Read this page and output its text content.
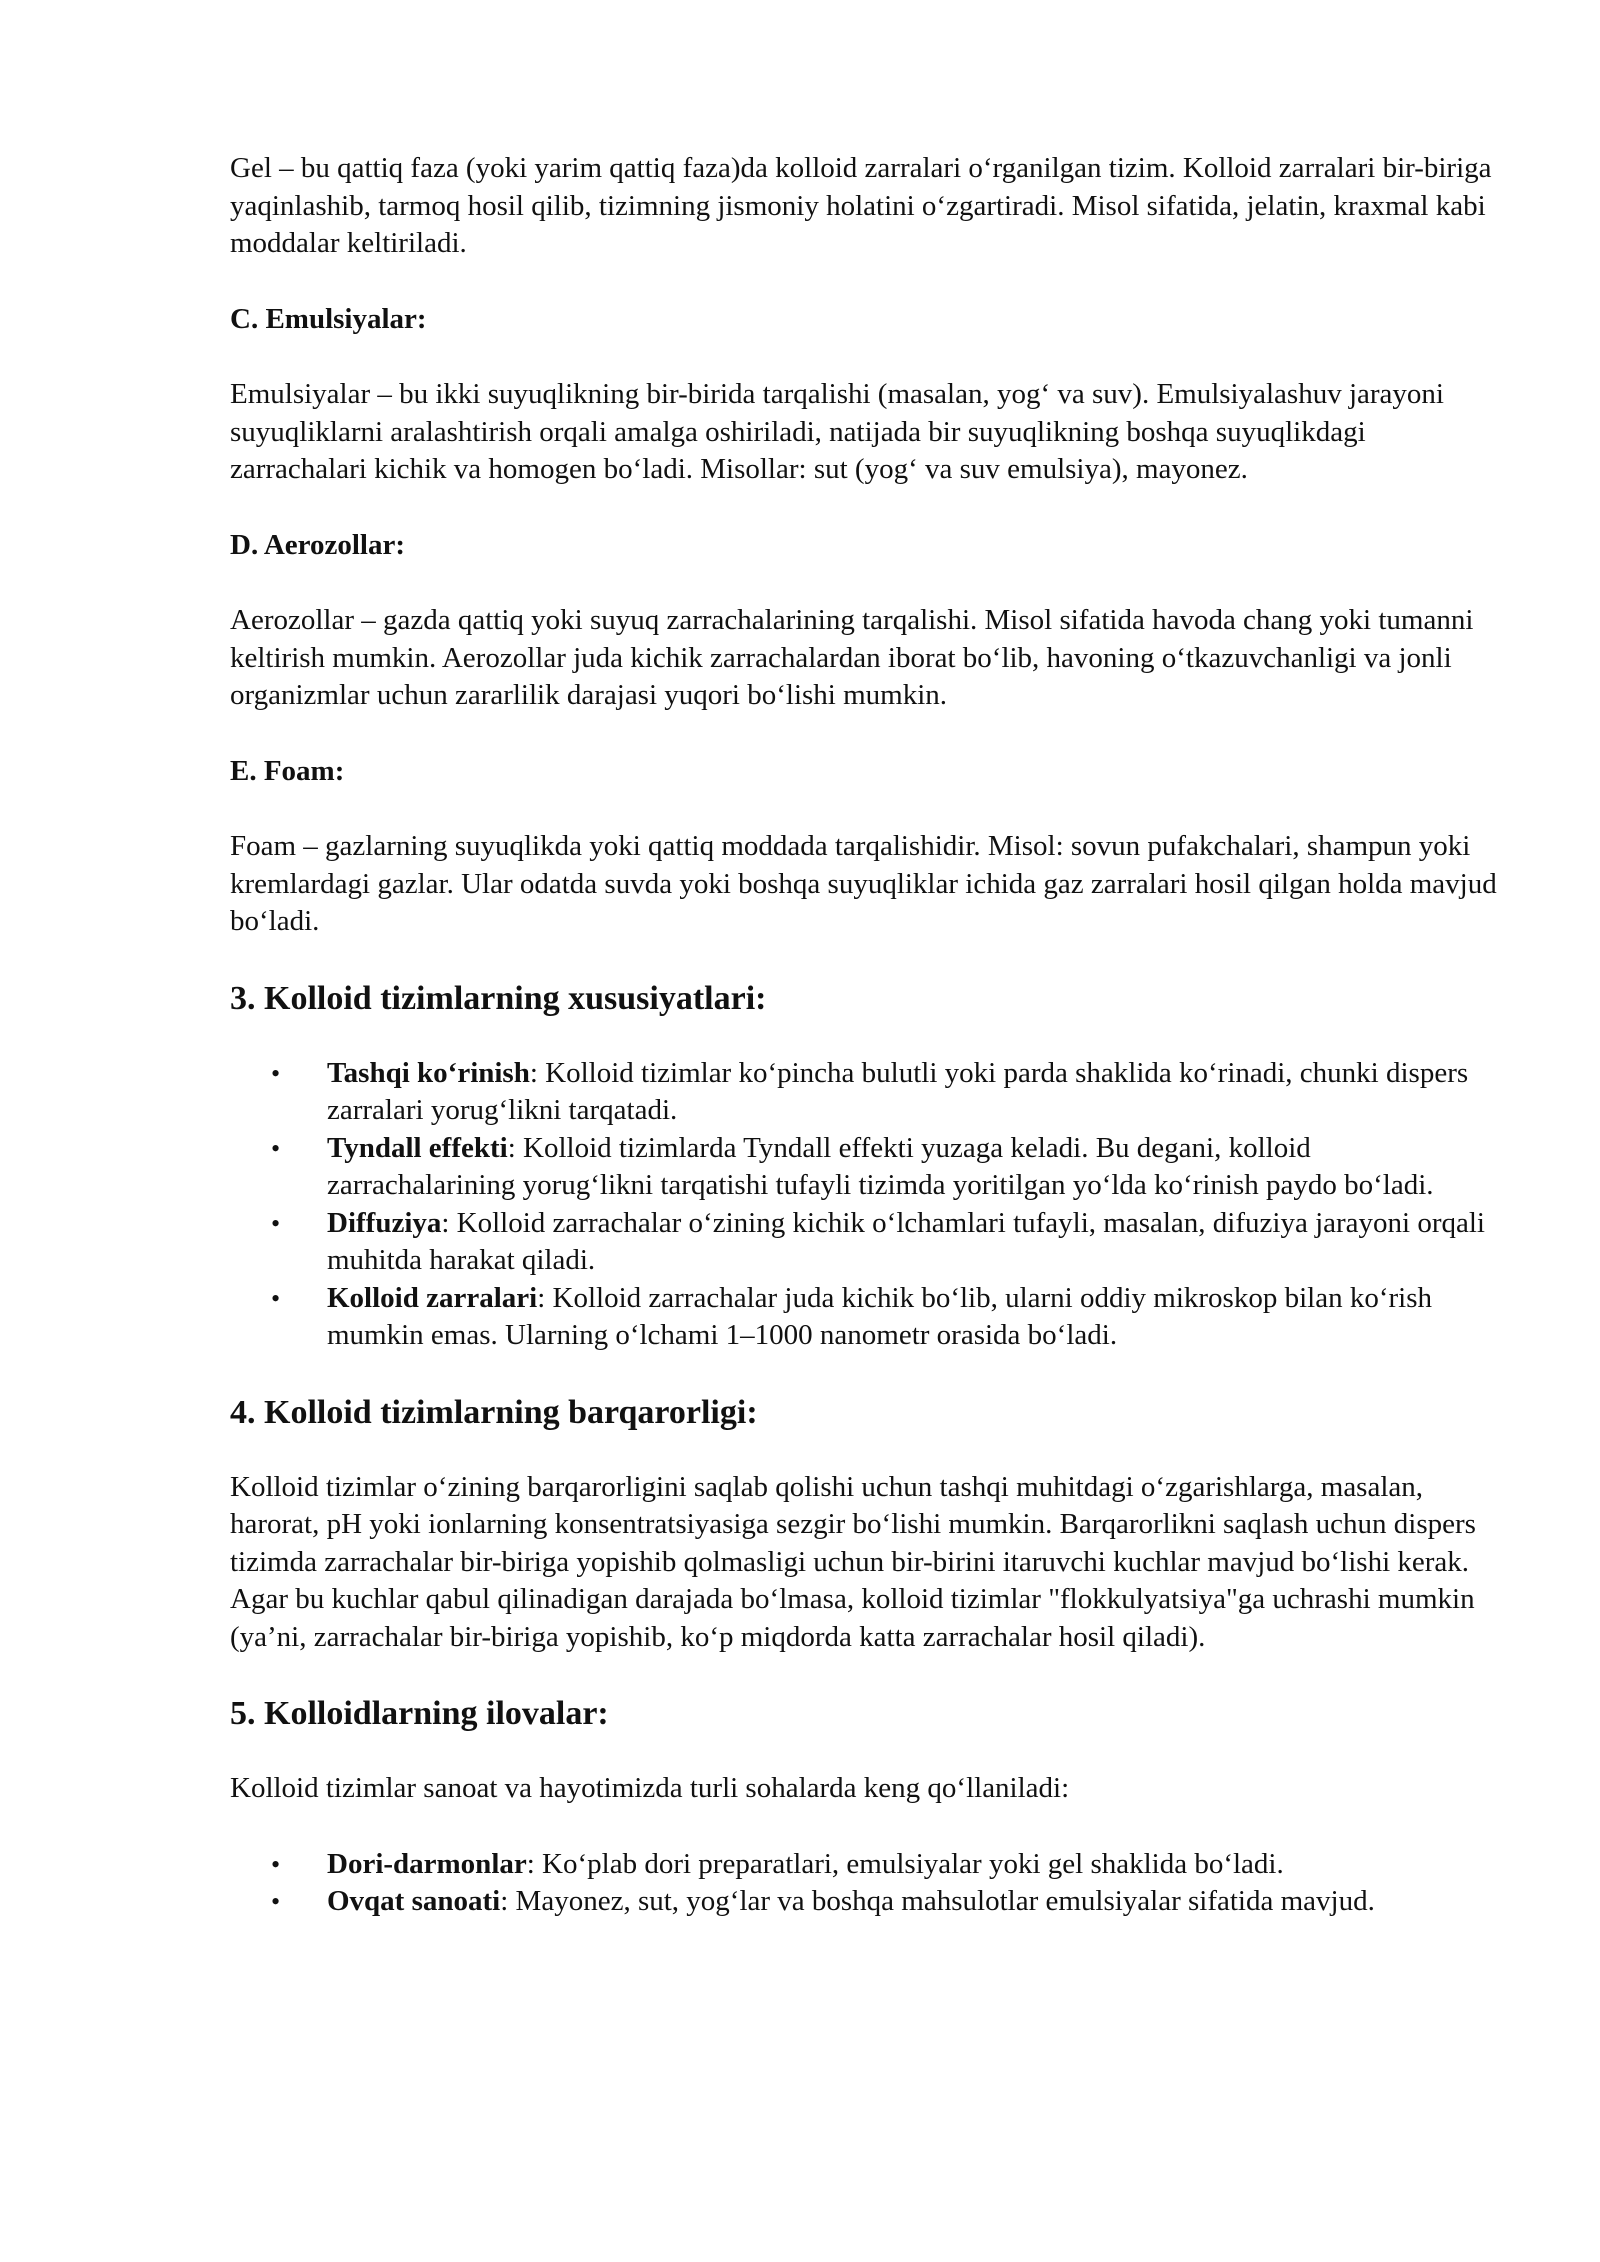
Gel – bu qattiq faza (yoki yarim qattiq faza)da kolloid zarralari o‘rganilgan tizim. Kolloid zarralari bir-biriga yaqinlashib, tarmoq hosil qilib, tizimning jismoniy holatini o‘zgartiradi. Misol sifatida, jelatin, kraxmal kabi moddalar keltiriladi.

C. Emulsiyalar:

Emulsiyalar – bu ikki suyuqlikning bir-birida tarqalishi (masalan, yog‘ va suv). Emulsiyalashuv jarayoni suyuqliklarni aralashtirish orqali amalga oshiriladi, natijada bir suyuqlikning boshqa suyuqlikdagi zarrachalari kichik va homogen bo‘ladi. Misollar: sut (yog‘ va suv emulsiya), mayonez.

D. Aerozollar:

Aerozollar – gazda qattiq yoki suyuq zarrachalarining tarqalishi. Misol sifatida havoda chang yoki tumanni keltirish mumkin. Aerozollar juda kichik zarrachalardan iborat bo‘lib, havoning o‘tkazuvchanligi va jonli organizmlar uchun zararlilik darajasi yuqori bo‘lishi mumkin.

E. Foam:

Foam – gazlarning suyuqlikda yoki qattiq moddada tarqalishidir. Misol: sovun pufakchalari, shampun yoki kremlardagi gazlar. Ular odatda suvda yoki boshqa suyuqliklar ichida gaz zarralari hosil qilgan holda mavjud bo‘ladi.

3. Kolloid tizimlarning xususiyatlari:
• Tashqi ko‘rinish: Kolloid tizimlar ko‘pincha bulutli yoki parda shaklida ko‘rinadi, chunki dispers zarralari yorug‘likni tarqatadi.
• Tyndall effekti: Kolloid tizimlarda Tyndall effekti yuzaga keladi. Bu degani, kolloid zarrachalarining yorug‘likni tarqatishi tufayli tizimda yoritilgan yo‘lda ko‘rinish paydo bo‘ladi.
• Diffuziya: Kolloid zarrachalar o‘zining kichik o‘lchamlari tufayli, masalan, difuziya jarayoni orqali muhitda harakat qiladi.
• Kolloid zarralari: Kolloid zarrachalar juda kichik bo‘lib, ularni oddiy mikroskop bilan ko‘rish mumkin emas. Ularning o‘lchami 1–1000 nanometr orasida bo‘ladi.
4. Kolloid tizimlarning barqarorligi:

Kolloid tizimlar o‘zining barqarorligini saqlab qolishi uchun tashqi muhitdagi o‘zgarishlarga, masalan, harorat, pH yoki ionlarning konsentratsiyasiga sezgir bo‘lishi mumkin. Barqarorlikni saqlash uchun dispers tizimda zarrachalar bir-biriga yopishib qolmasligi uchun bir-birini itaruvchi kuchlar mavjud bo‘lishi kerak. Agar bu kuchlar qabul qilinadigan darajada bo‘lmasa, kolloid tizimlar "flokkulyatsiya"ga uchrashi mumkin (ya’ni, zarrachalar bir-biriga yopishib, ko‘p miqdorda katta zarrachalar hosil qiladi).

5. Kolloidlarning ilovalar:

Kolloid tizimlar sanoat va hayotimizda turli sohalarda keng qo‘llaniladi:

• Dori-darmonlar: Ko‘plab dori preparatlari, emulsiyalar yoki gel shaklida bo‘ladi.
• Ovqat sanoati: Mayonez, sut, yog‘lar va boshqa mahsulotlar emulsiyalar sifatida mavjud.
